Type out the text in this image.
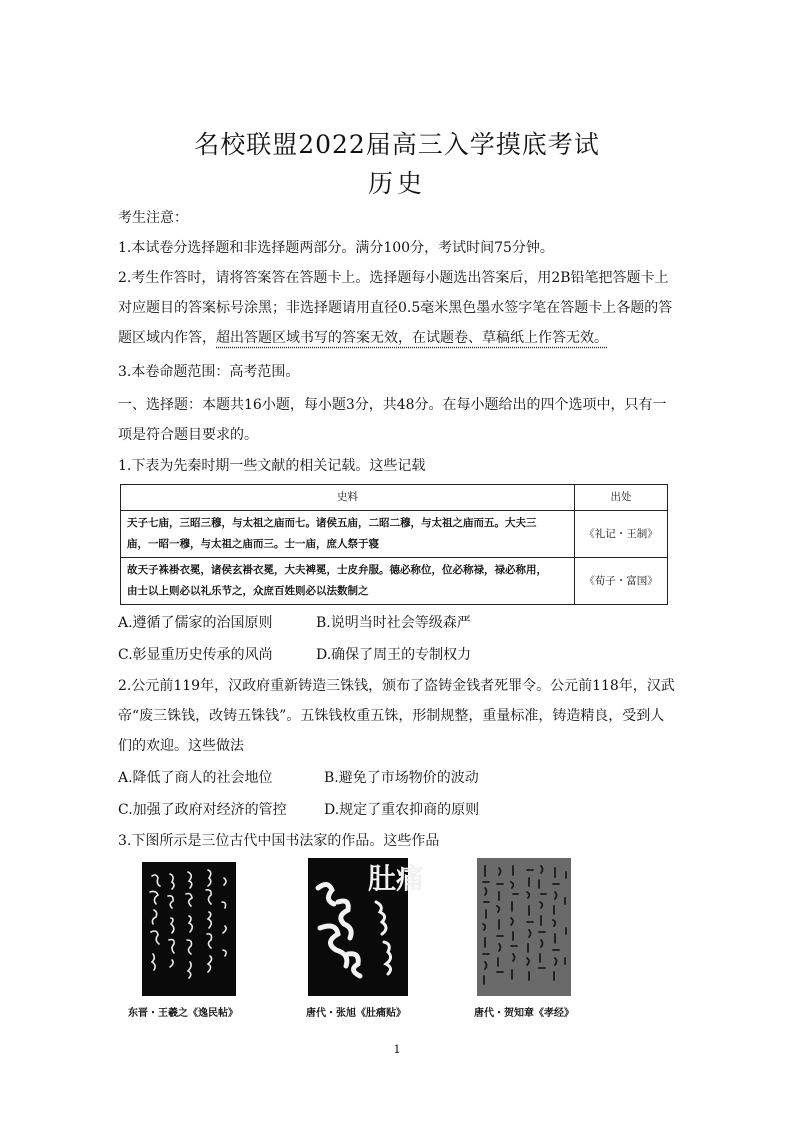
名校联盟2022届高三入学摸底考试
历史
考生注意：
1.本试卷分选择题和非选择题两部分。满分100分，考试时间75分钟。
2.考生作答时，请将答案答在答题卡上。选择题每小题选出答案后，用2B铅笔把答题卡上
对应题目的答案标号涂黑；非选择题请用直径0.5毫米黑色墨水签字笔在答题卡上各题的答
题区域内作答，超出答题区域书写的答案无效，在试题卷、草稿纸上作答无效。
3.本卷命题范围：高考范围。
一、选择题：本题共16小题，每小题3分，共48分。在每小题给出的四个选项中，只有一
项是符合题目要求的。
1.下表为先秦时期一些文献的相关记载。这些记载
史料	出处

天子七庙，三昭三穆，与太祖之庙而七。诸侯五庙，二昭二穆，与太祖之庙而五。大夫三
庙，一昭一穆，与太祖之庙而三。士一庙，庶人祭于寝	《礼记・王制》

故天子袾褂衣冕，诸侯玄褂衣冕，大夫裨冕，士皮弁服。德必称位，位必称禄，禄必称用，
由士以上则必以礼乐节之，众庶百姓则必以法数制之	《荀子・富国》
A.遵循了儒家的治国原则	B.说明当时社会等级森严
C.彰显重历史传承的风尚	D.确保了周王的专制权力
2.公元前119年，汉政府重新铸造三铢钱，颁布了盗铸金钱者死罪令。公元前118年，汉武
帝“废三铢钱，改铸五铢钱”。五铢钱枚重五铢，形制规整，重量标准，铸造精良，受到人
们的欢迎。这些做法
A.降低了商人的社会地位	B.避免了市场物价的波动
C.加强了政府对经济的管控	D.规定了重农抑商的原则
3.下图所示是三位古代中国书法家的作品。这些作品
肚痛
东晋・王羲之《逸民帖》	唐代・张旭《肚痛贴》	唐代・贺知章《孝经》
1
